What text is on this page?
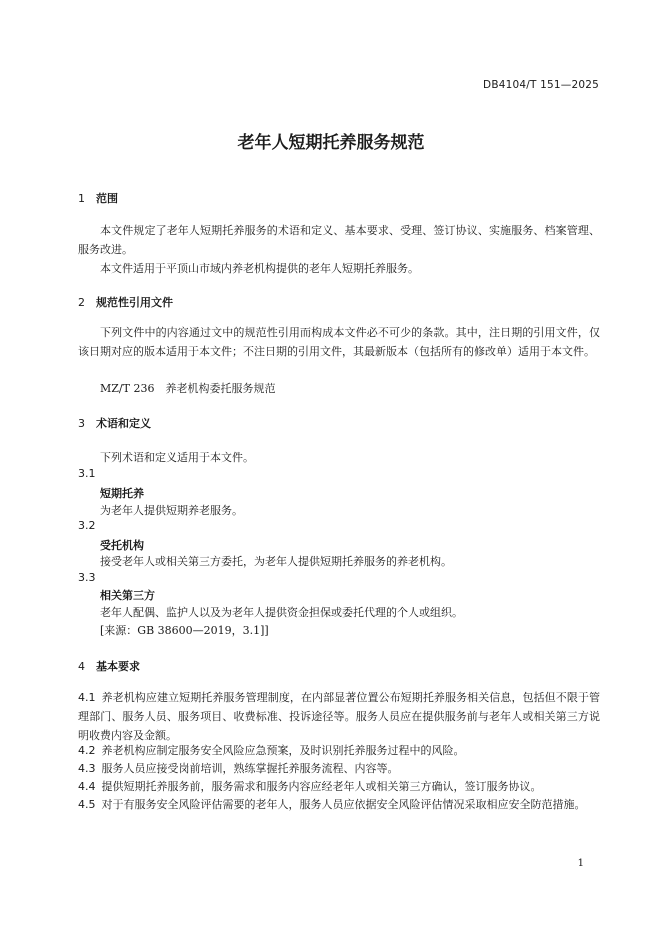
DB4104/T 151—2025
老年人短期托养服务规范
1 范围
本文件规定了老年人短期托养服务的术语和定义、基本要求、受理、签订协议、实施服务、档案管理、服务改进。
本文件适用于平顶山市域内养老机构提供的老年人短期托养服务。
2 规范性引用文件
下列文件中的内容通过文中的规范性引用而构成本文件必不可少的条款。其中，注日期的引用文件，仅该日期对应的版本适用于本文件；不注日期的引用文件，其最新版本（包括所有的修改单）适用于本文件。
MZ/T 236　养老机构委托服务规范
3 术语和定义
下列术语和定义适用于本文件。
3.1
短期托养
为老年人提供短期养老服务。
3.2
受托机构
接受老年人或相关第三方委托，为老年人提供短期托养服务的养老机构。
3.3
相关第三方
老年人配偶、监护人以及为老年人提供资金担保或委托代理的个人或组织。
[来源：GB 38600—2019，3.1]]
4 基本要求
4.1 养老机构应建立短期托养服务管理制度，在内部显著位置公布短期托养服务相关信息，包括但不限于管理部门、服务人员、服务项目、收费标准、投诉途径等。服务人员应在提供服务前与老年人或相关第三方说明收费内容及金额。
4.2 养老机构应制定服务安全风险应急预案，及时识别托养服务过程中的风险。
4.3 服务人员应接受岗前培训，熟练掌握托养服务流程、内容等。
4.4 提供短期托养服务前，服务需求和服务内容应经老年人或相关第三方确认，签订服务协议。
4.5 对于有服务安全风险评估需要的老年人，服务人员应依据安全风险评估情况采取相应安全防范措施。
1
